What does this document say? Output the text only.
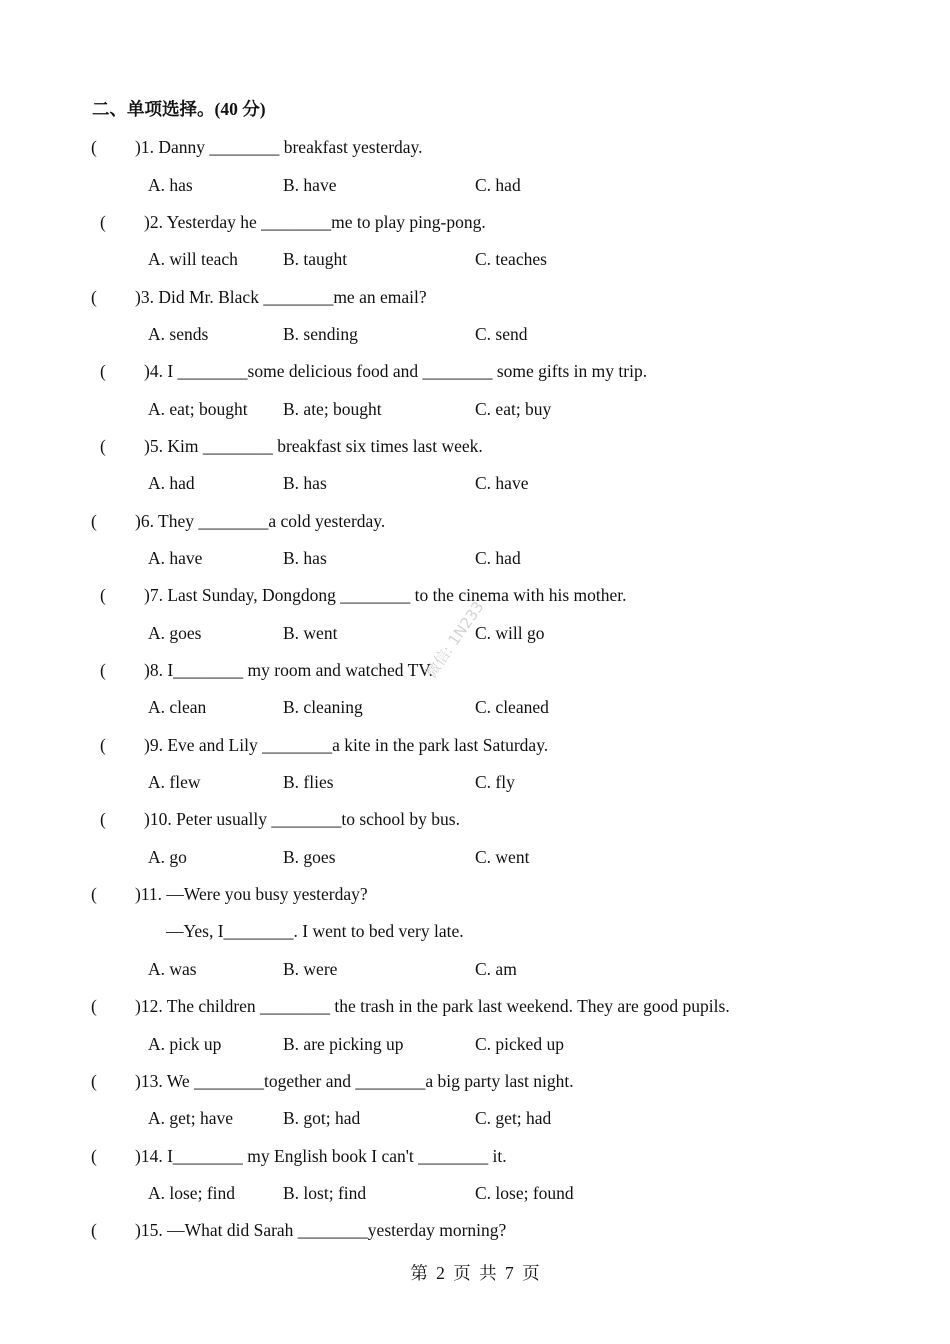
二、单项选择。(40 分)
( )1. Danny ________ breakfast yesterday.
A. has	B. have	C. had
( )2. Yesterday he ________me to play ping-pong.
A. will teach	B. taught	C. teaches
( )3. Did Mr. Black ________me an email?
A. sends	B. sending	C. send
( )4. I ________some delicious food and ________ some gifts in my trip.
A. eat; bought B. ate; bought	C. eat; buy
( )5. Kim ________ breakfast six times last week.
A. had	B. has	C. have
( )6. They ________a cold yesterday.
A. have	B. has	C. had
( )7. Last Sunday, Dongdong ________ to the cinema with his mother.
A. goes	B. went	C. will go
( )8. I________ my room and watched TV.
A. clean	B. cleaning	C. cleaned
( )9. Eve and Lily ________a kite in the park last Saturday.
A. flew	B. flies	C. fly
( )10. Peter usually ________to school by bus.
A. go	B. goes	C. went
( )11. —Were you busy yesterday?
—Yes, I________. I went to bed very late.
A. was	B. were	C. am
( )12. The children ________ the trash in the park last weekend. They are good pupils.
A. pick up	B. are picking up	C. picked up
( )13. We ________together and ________a big party last night.
A. get; have	B. got; had	C. get; had
( )14. I________ my English book I can't ________ it.
A. lose; find	B. lost; find	C. lose; found
( )15. —What did Sarah ________yesterday morning?
第 2 页 共 7 页
微信: 1N233
